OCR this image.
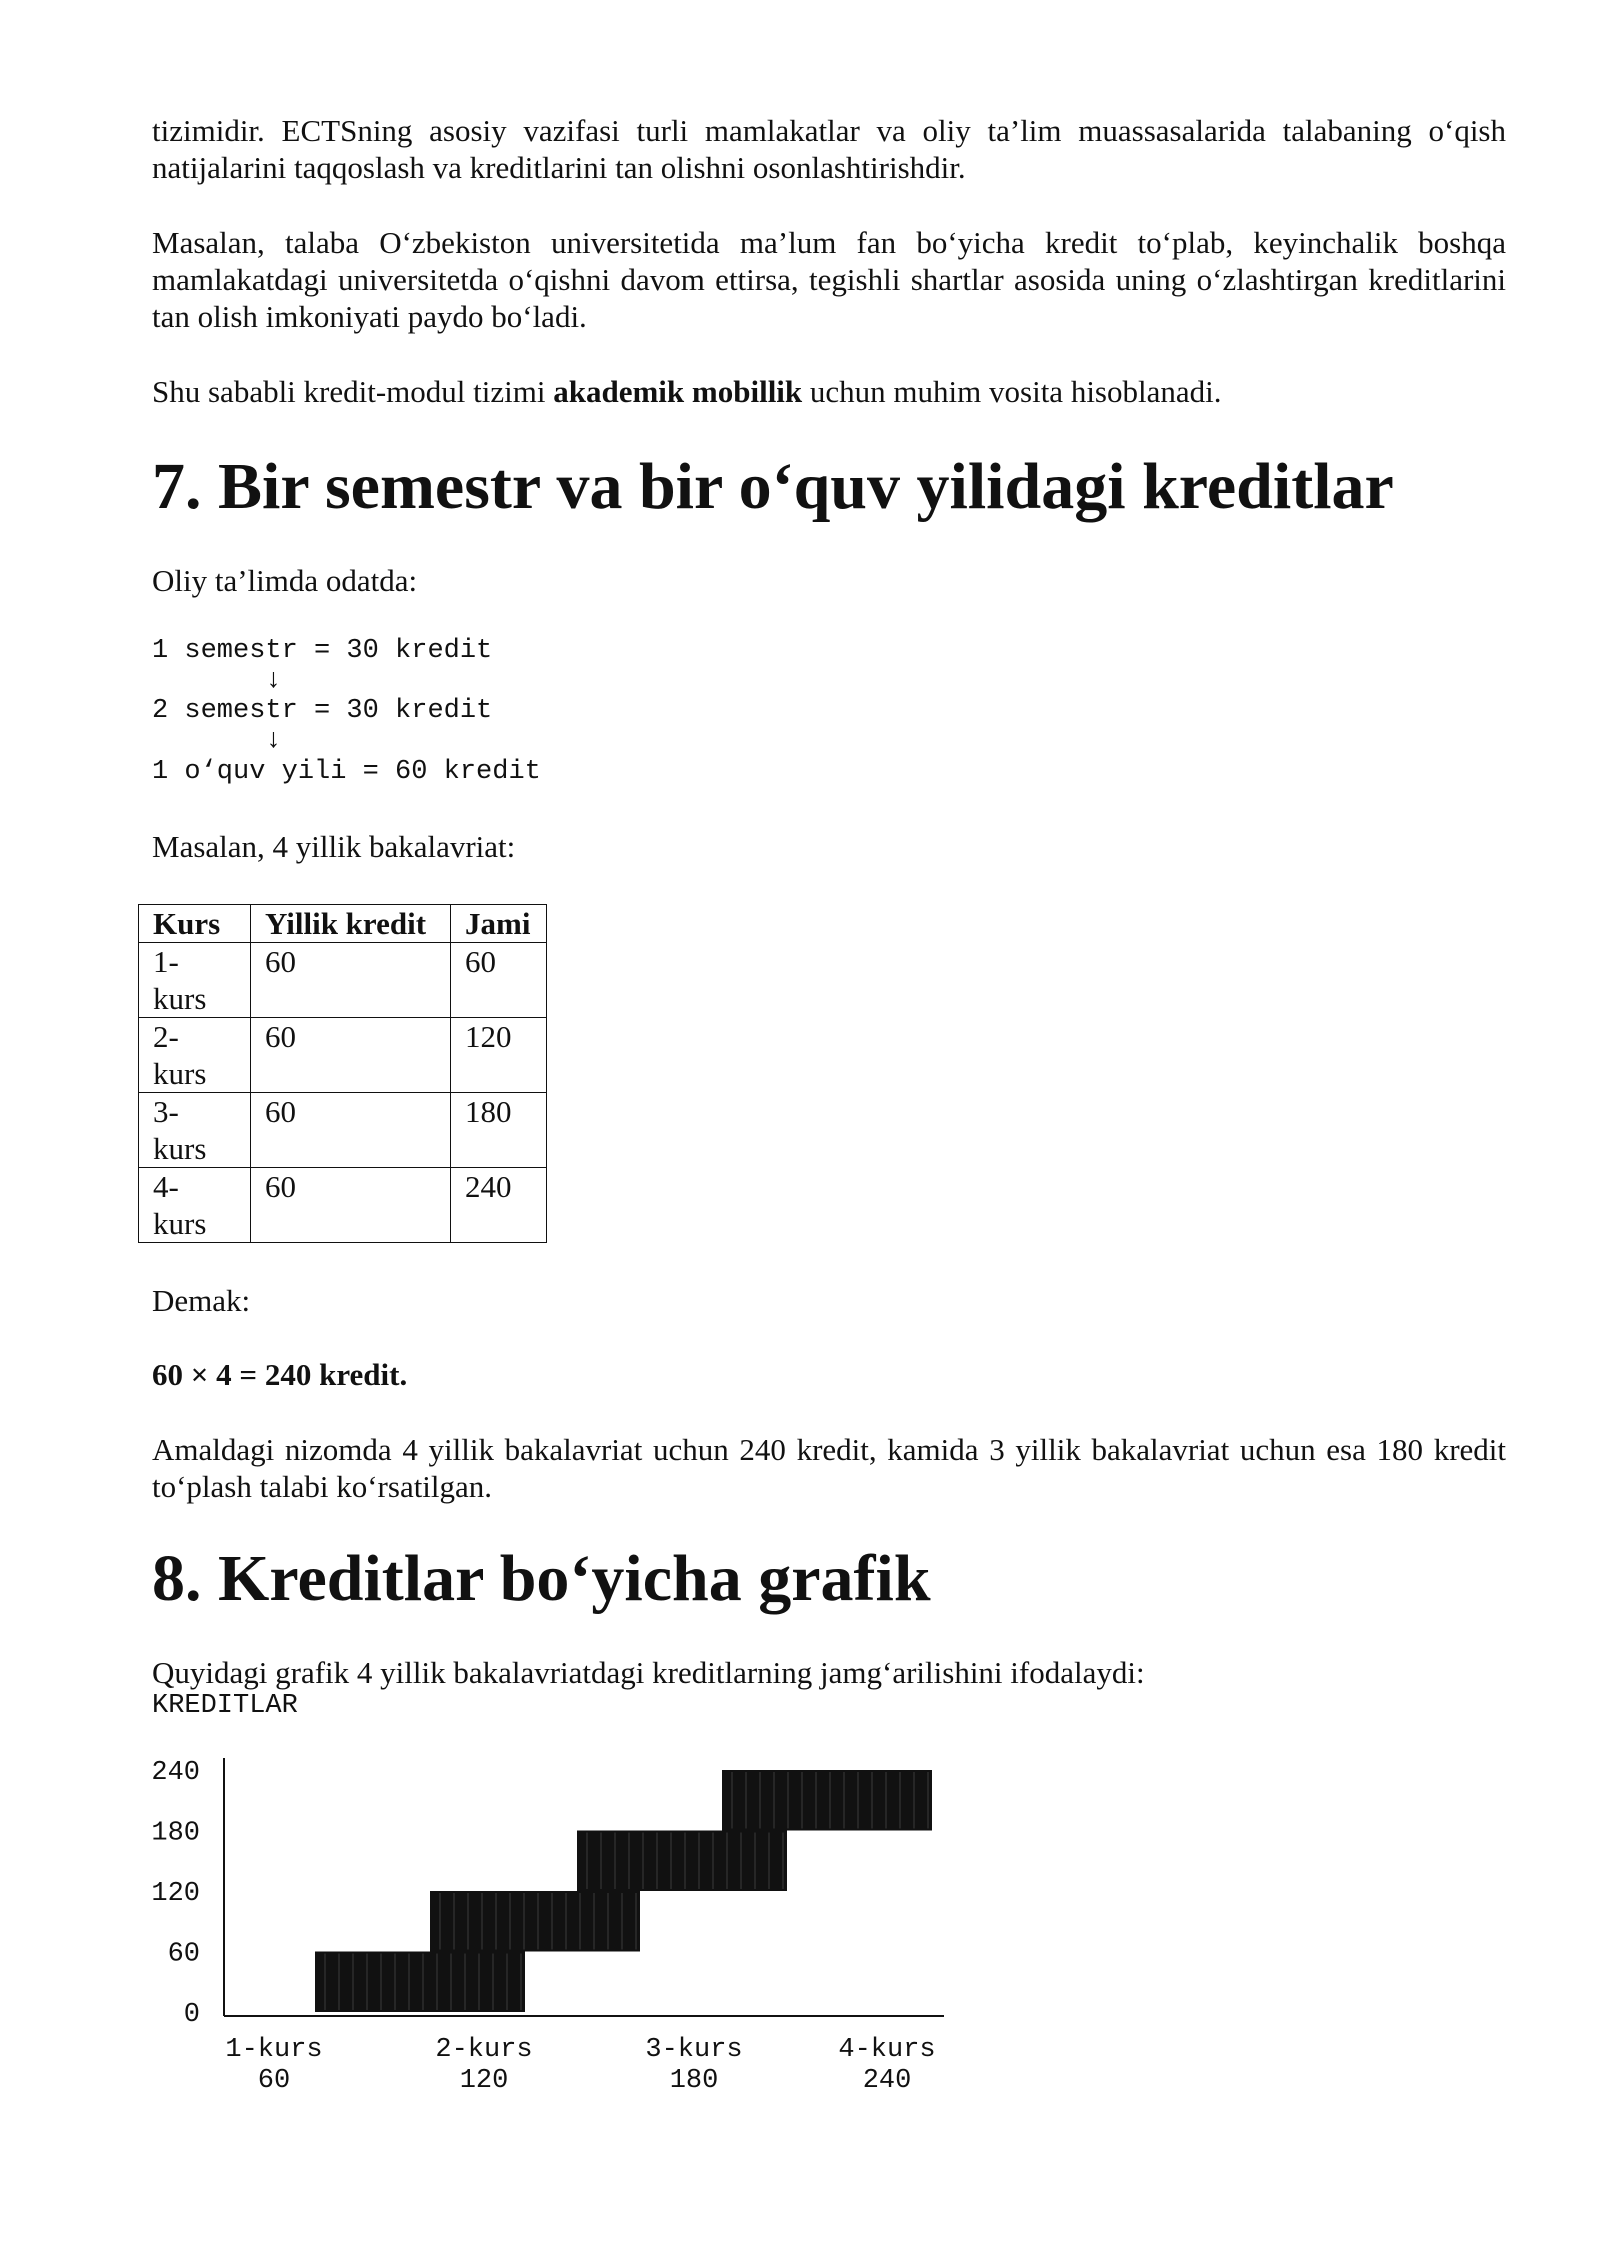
tizimidir. ECTSning asosiy vazifasi turli mamlakatlar va oliy ta’lim muassasalarida talabaning o‘qish natijalarini taqqoslash va kreditlarini tan olishni osonlashtirishdir.

Masalan, talaba O‘zbekiston universitetida ma’lum fan bo‘yicha kredit to‘plab, keyinchalik boshqa mamlakatdagi universitetda o‘qishni davom ettirsa, tegishli shartlar asosida uning o‘zlashtirgan kreditlarini tan olish imkoniyati paydo bo‘ladi.

Shu sababli kredit-modul tizimi akademik mobillik uchun muhim vosita hisoblanadi.

7. Bir semestr va bir o‘quv yilidagi kreditlar

Oliy ta’limda odatda:

1 semestr = 30 kredit
↓
2 semestr = 30 kredit
↓
1 o‘quv yili = 60 kredit

Masalan, 4 yillik bakalavriat:

Kurs	Yillik kredit	Jami
1-
kurs	60	60
2-
kurs	60	120
3-
kurs	60	180
4-
kurs	60	240

Demak:

60 × 4 = 240 kredit.

Amaldagi nizomda 4 yillik bakalavriat uchun 240 kredit, kamida 3 yillik bakalavriat uchun esa 180 kredit to‘plash talabi ko‘rsatilgan.

8. Kreditlar bo‘yicha grafik

Quyidagi grafik 4 yillik bakalavriatdagi kreditlarning jamg‘arilishini ifodalaydi:

KREDITLAR
240
180
120
60
0
1-kurs	2-kurs	3-kurs	4-kurs
60	120	180	240
